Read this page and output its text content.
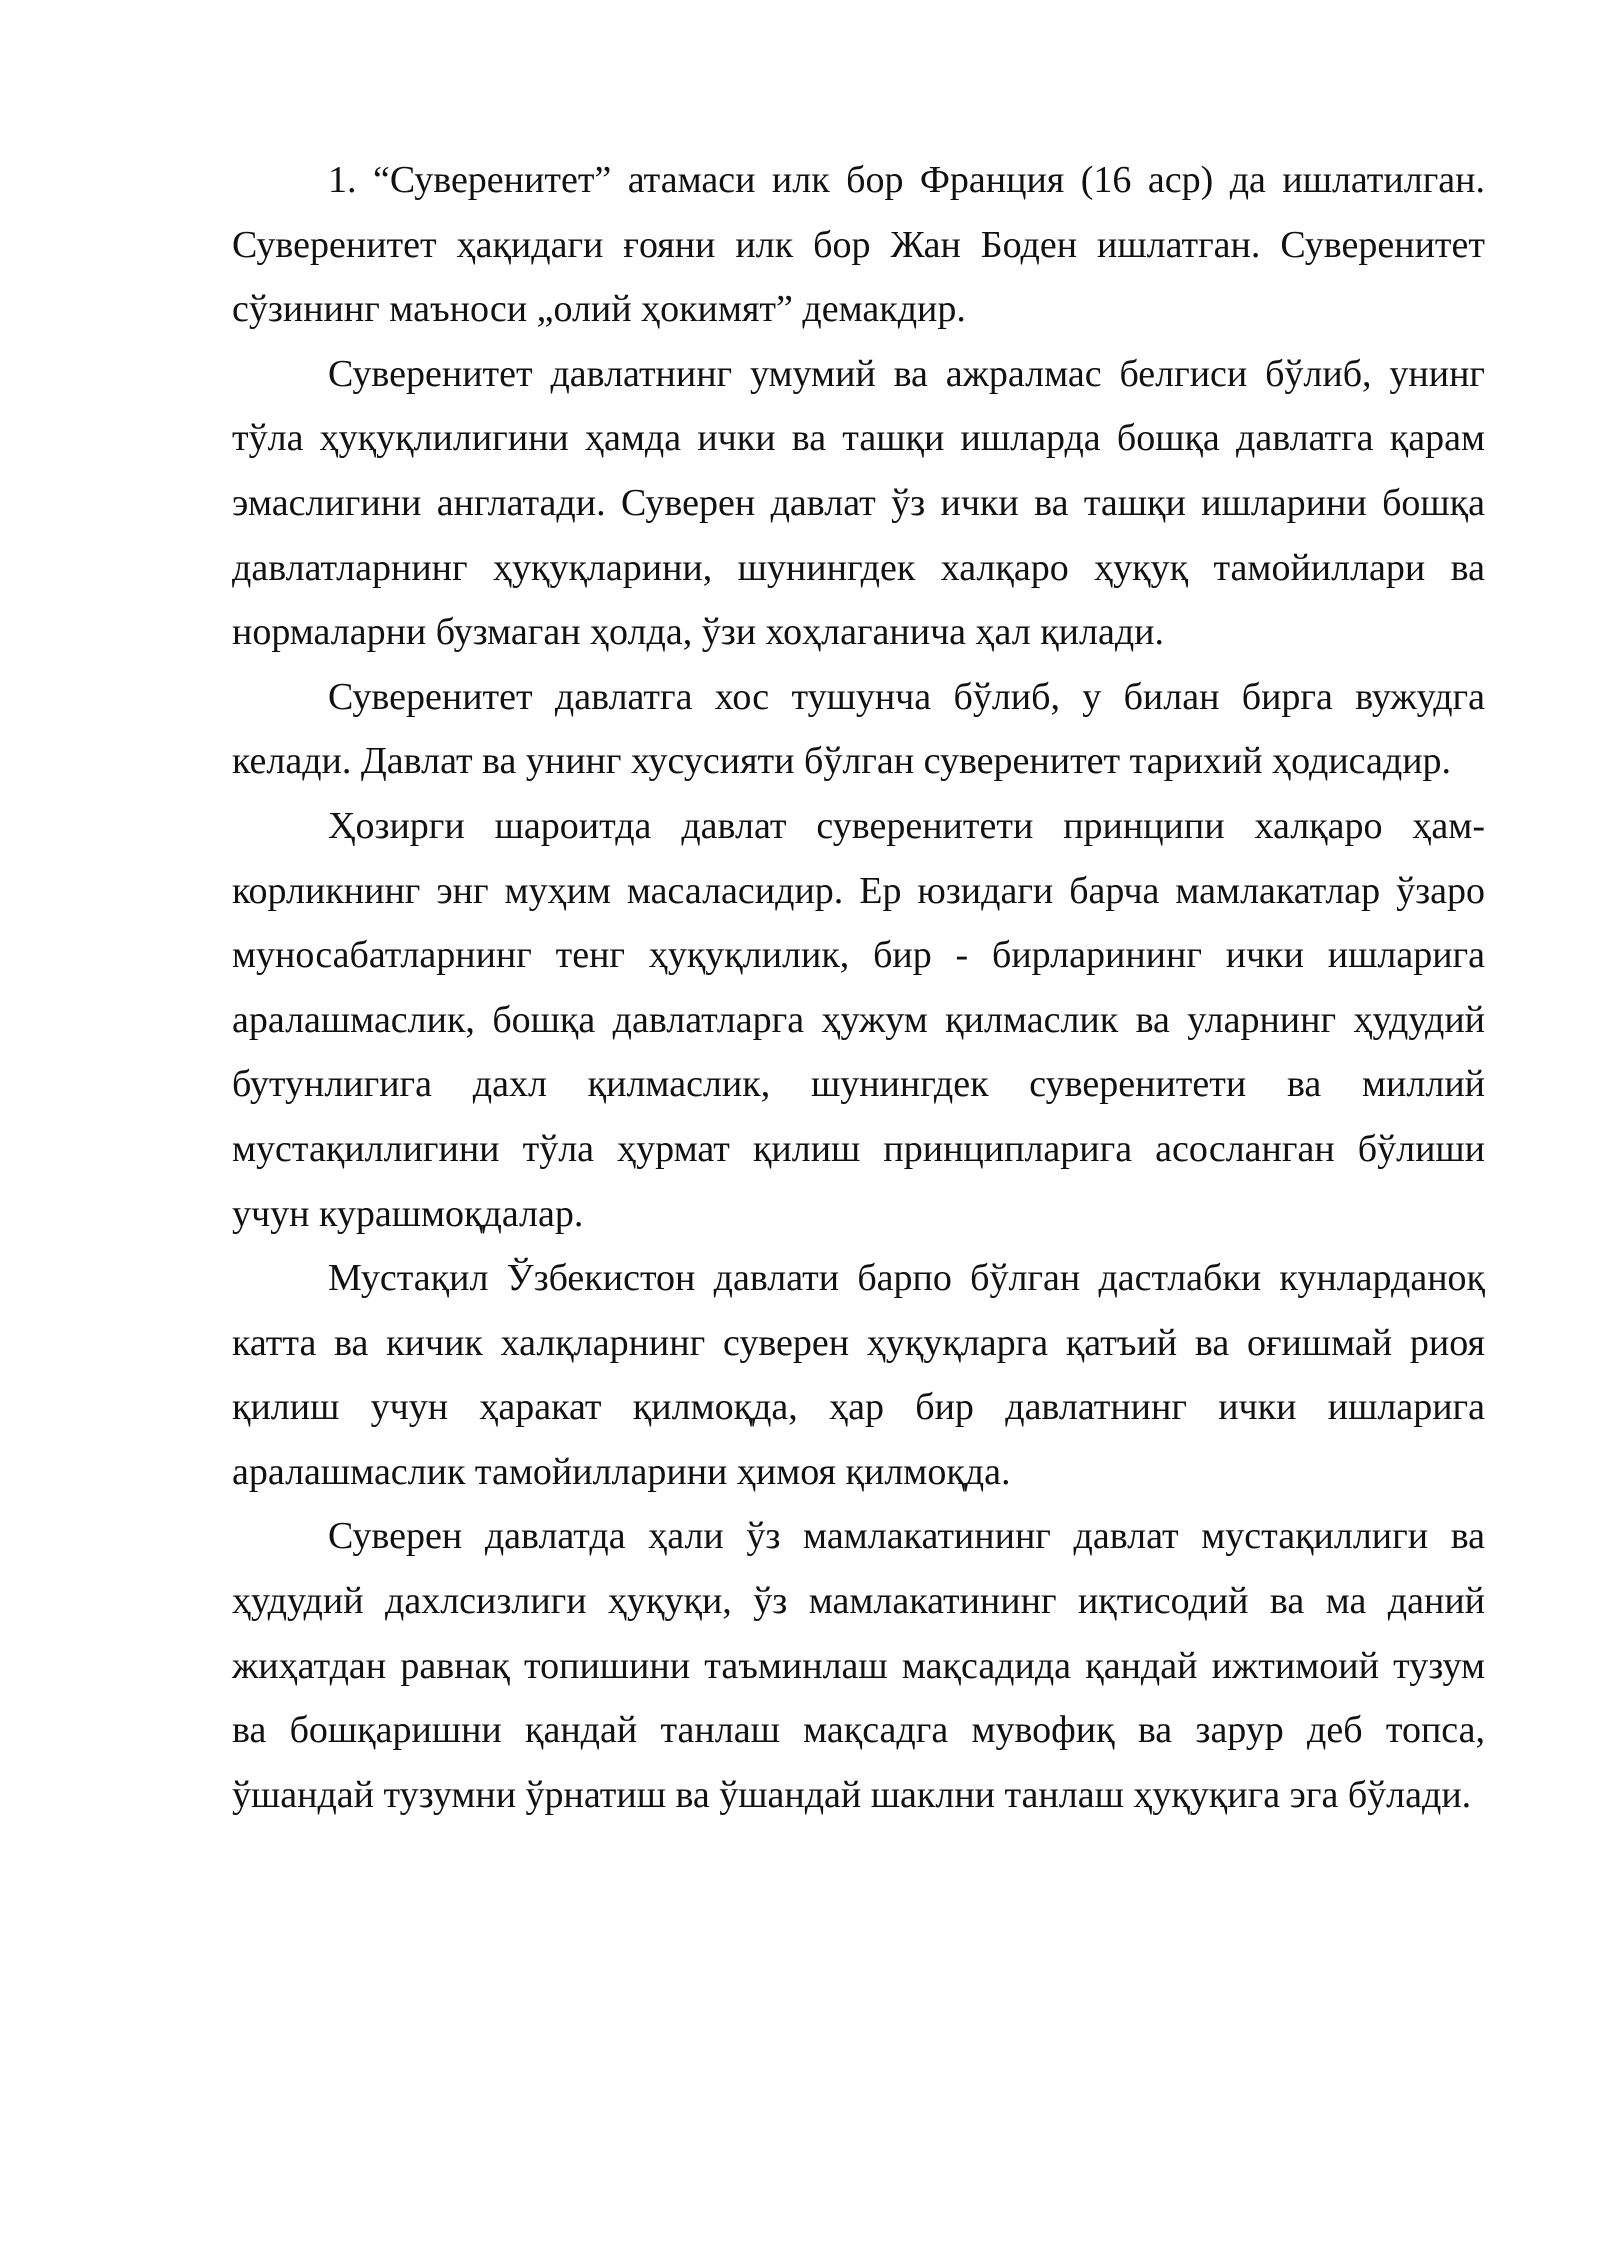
1. “Суверенитет” атамаси илк бор Франция (16 аср) да ишлатилган. Суверенитет ҳақидаги ғояни илк бор Жан Боден ишлатган. Суверенитет сўзининг маъноси „олий ҳокимят” демакдир.

Суверенитет давлатнинг умумий ва ажралмас белгиси бўлиб, унинг тўла ҳуқуқлилигини ҳамда ички ва ташқи ишларда бошқа давлатга қарам эмаслигини англатади. Суверен давлат ўз ички ва ташқи ишларини бошқа давлатларнинг ҳуқуқларини, шунингдек халқаро ҳуқуқ тамойиллари ва нормаларни бузмаган ҳолда, ўзи хоҳлаганича ҳал қилади.

Суверенитет давлатга хос тушунча бўлиб, у билан бирга вужудга келади. Давлат ва унинг хусусияти бўлган суверенитет тарихий ҳодисадир.

Ҳозирги шароитда давлат суверенитети принципи халқаро ҳамкорликнинг энг муҳим масаласидир. Ер юзидаги барча мамлакатлар ўзаро муносабатларнинг тенг ҳуқуқлилик, бир - бирларининг ички ишларига аралашмаслик, бошқа давлатларга ҳужум қилмаслик ва уларнинг ҳудудий бутунлигига дахл қилмаслик, шунингдек суверенитети ва миллий мустақиллигини тўла ҳурмат қилиш принципларига асосланган бўлиши учун курашмоқдалар.

Мустақил Ўзбекистон давлати барпо бўлган дастлабки кунларданоқ катта ва кичик халқларнинг суверен ҳуқуқларга қатъий ва оғишмай риоя қилиш учун ҳаракат қилмоқда, ҳар бир давлатнинг ички ишларига аралашмаслик тамойилларини ҳимоя қилмоқда.

Суверен давлатда ҳали ўз мамлакатининг давлат мустақиллиги ва ҳудудий дахлсизлиги ҳуқуқи, ўз мамлакатининг иқтисодий ва ма даний жиҳатдан равнақ топишини таъминлаш мақсадида қандай ижтимоий тузум ва бошқаришни қандай танлаш мақсадга мувофиқ ва зарур деб топса, ўшандай тузумни ўрнатиш ва ўшандай шаклни танлаш ҳуқуқига эга бўлади.
